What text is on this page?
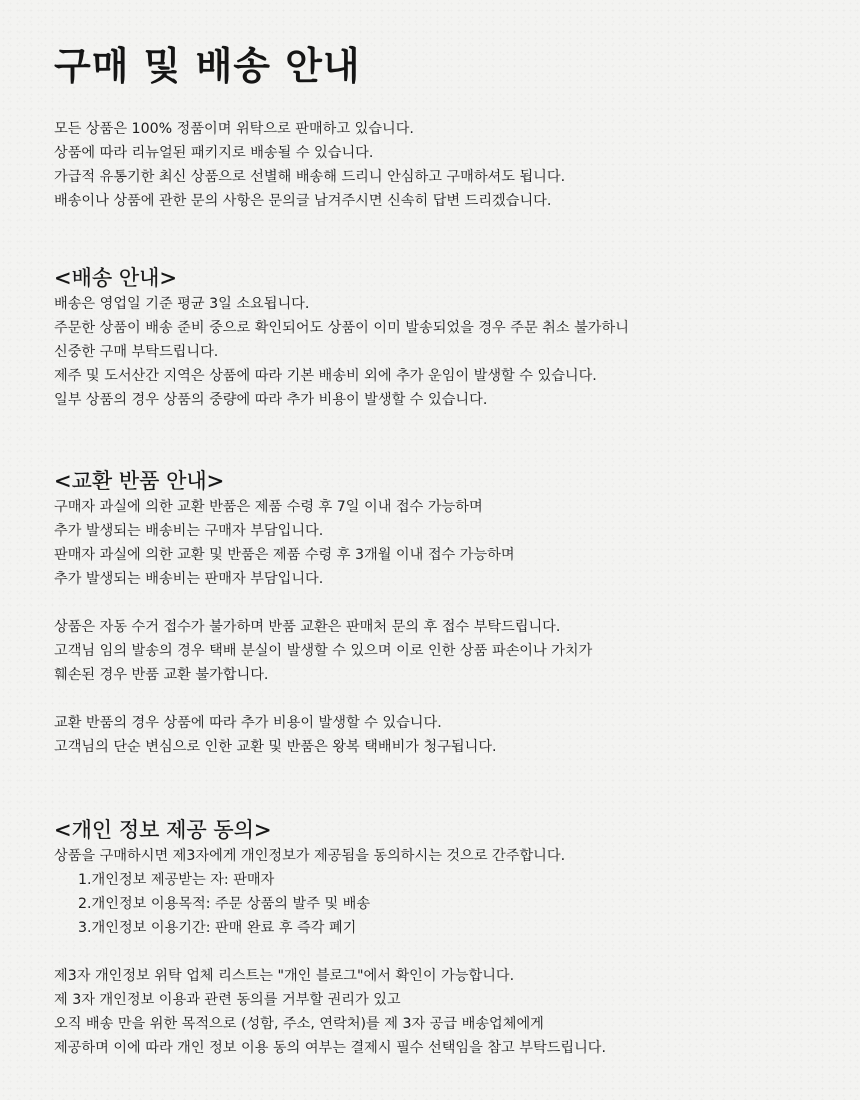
구매 및 배송 안내
모든 상품은 100% 정품이며 위탁으로 판매하고 있습니다.
상품에 따라 리뉴얼된 패키지로 배송될 수 있습니다.
가급적 유통기한 최신 상품으로 선별해 배송해 드리니 안심하고 구매하셔도 됩니다.
배송이나 상품에 관한 문의 사항은 문의글 남겨주시면 신속히 답변 드리겠습니다.
<배송 안내>
배송은 영업일 기준 평균 3일 소요됩니다.
주문한 상품이 배송 준비 중으로 확인되어도 상품이 이미 발송되었을 경우 주문 취소 불가하니
신중한 구매 부탁드립니다.
제주 및 도서산간 지역은 상품에 따라 기본 배송비 외에 추가 운임이 발생할 수 있습니다.
일부 상품의 경우 상품의 중량에 따라 추가 비용이 발생할 수 있습니다.
<교환 반품 안내>
구매자 과실에 의한 교환 반품은 제품 수령 후 7일 이내 접수 가능하며
추가 발생되는 배송비는 구매자 부담입니다.
판매자 과실에 의한 교환 및 반품은 제품 수령 후 3개월 이내 접수 가능하며
추가 발생되는 배송비는 판매자 부담입니다.
상품은 자동 수거 접수가 불가하며 반품 교환은 판매처 문의 후 접수 부탁드립니다.
고객님 임의 발송의 경우 택배 분실이 발생할 수 있으며 이로 인한 상품 파손이나 가치가
훼손된 경우 반품 교환 불가합니다.
교환 반품의 경우 상품에 따라 추가 비용이 발생할 수 있습니다.
고객님의 단순 변심으로 인한 교환 및 반품은 왕복 택배비가 청구됩니다.
<개인 정보 제공 동의>
상품을 구매하시면 제3자에게 개인정보가 제공됨을 동의하시는 것으로 간주합니다.
1.개인정보 제공받는 자: 판매자
2.개인정보 이용목적: 주문 상품의 발주 및 배송
3.개인정보 이용기간: 판매 완료 후 즉각 폐기
제3자 개인정보 위탁 업체 리스트는 "개인 블로그"에서 확인이 가능합니다.
제 3자 개인정보 이용과 관련 동의를 거부할 권리가 있고
오직 배송 만을 위한 목적으로 (성함, 주소, 연락처)를 제 3자 공급 배송업체에게
제공하며 이에 따라 개인 정보 이용 동의 여부는 결제시 필수 선택임을 참고 부탁드립니다.
